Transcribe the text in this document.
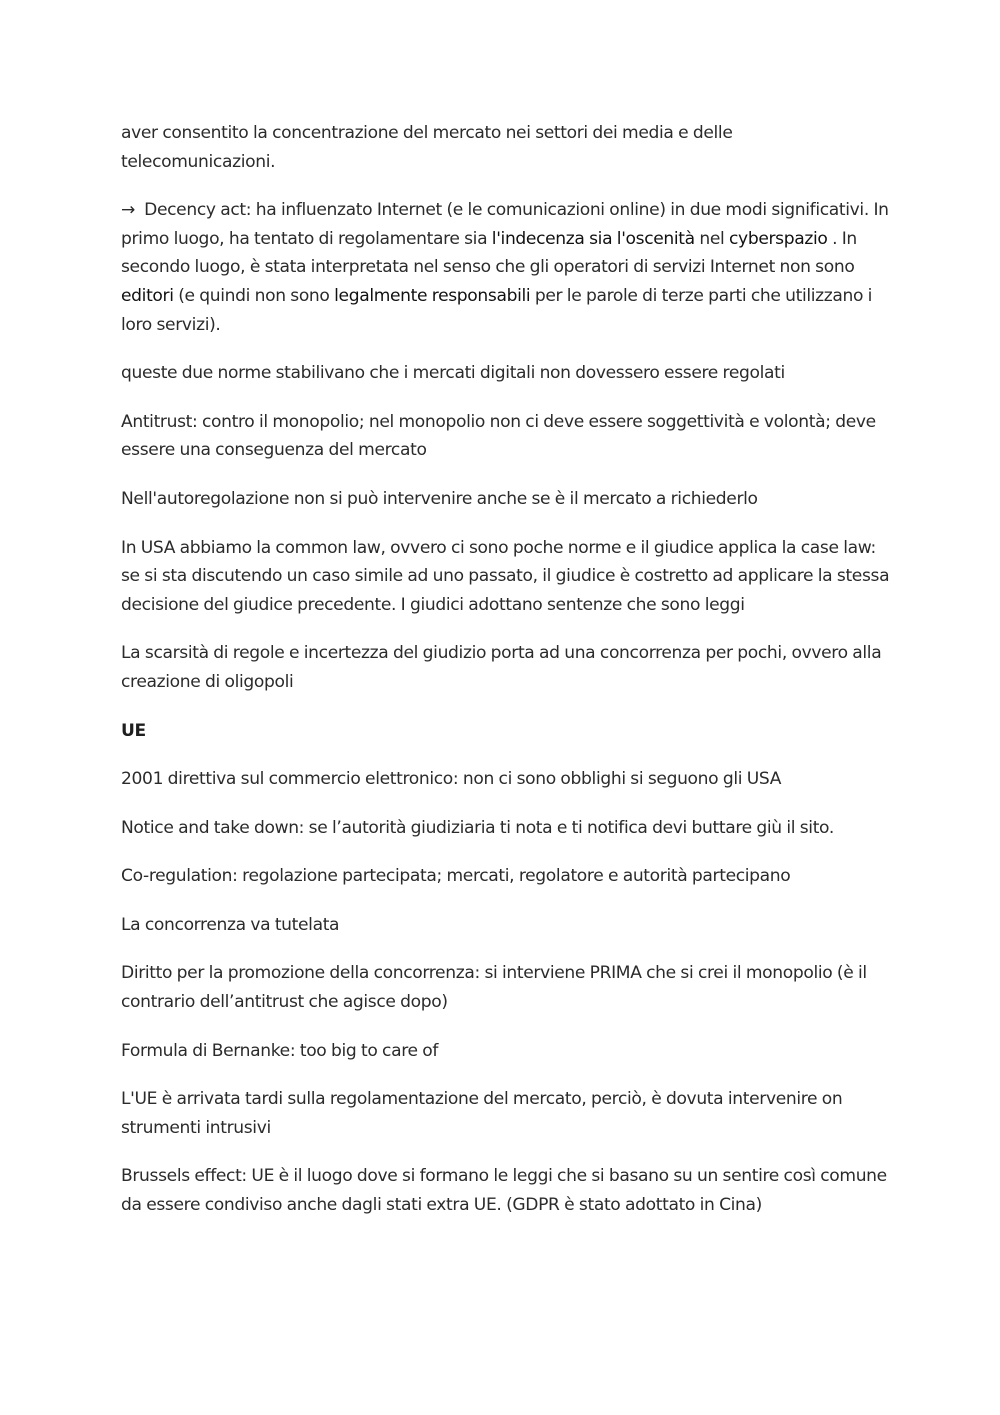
aver consentito la concentrazione del mercato nei settori dei media e delle telecomunicazioni.

→ Decency act: ha influenzato Internet (e le comunicazioni online) in due modi significativi. In primo luogo, ha tentato di regolamentare sia l'indecenza sia l'oscenità nel cyberspazio . In secondo luogo, è stata interpretata nel senso che gli operatori di servizi Internet non sono editori (e quindi non sono legalmente responsabili per le parole di terze parti che utilizzano i loro servizi).

queste due norme stabilivano che i mercati digitali non dovessero essere regolati

Antitrust: contro il monopolio; nel monopolio non ci deve essere soggettività e volontà; deve essere una conseguenza del mercato

Nell'autoregolazione non si può intervenire anche se è il mercato a richiederlo

In USA abbiamo la common law, ovvero ci sono poche norme e il giudice applica la case law: se si sta discutendo un caso simile ad uno passato, il giudice è costretto ad applicare la stessa decisione del giudice precedente. I giudici adottano sentenze che sono leggi

La scarsità di regole e incertezza del giudizio porta ad una concorrenza per pochi, ovvero alla creazione di oligopoli

UE

2001 direttiva sul commercio elettronico: non ci sono obblighi si seguono gli USA

Notice and take down: se l’autorità giudiziaria ti nota e ti notifica devi buttare giù il sito.

Co-regulation: regolazione partecipata; mercati, regolatore e autorità partecipano

La concorrenza va tutelata

Diritto per la promozione della concorrenza: si interviene PRIMA che si crei il monopolio (è il contrario dell’antitrust che agisce dopo)

Formula di Bernanke: too big to care of

L'UE è arrivata tardi sulla regolamentazione del mercato, perciò, è dovuta intervenire on strumenti intrusivi

Brussels effect: UE è il luogo dove si formano le leggi che si basano su un sentire così comune da essere condiviso anche dagli stati extra UE. (GDPR è stato adottato in Cina)
